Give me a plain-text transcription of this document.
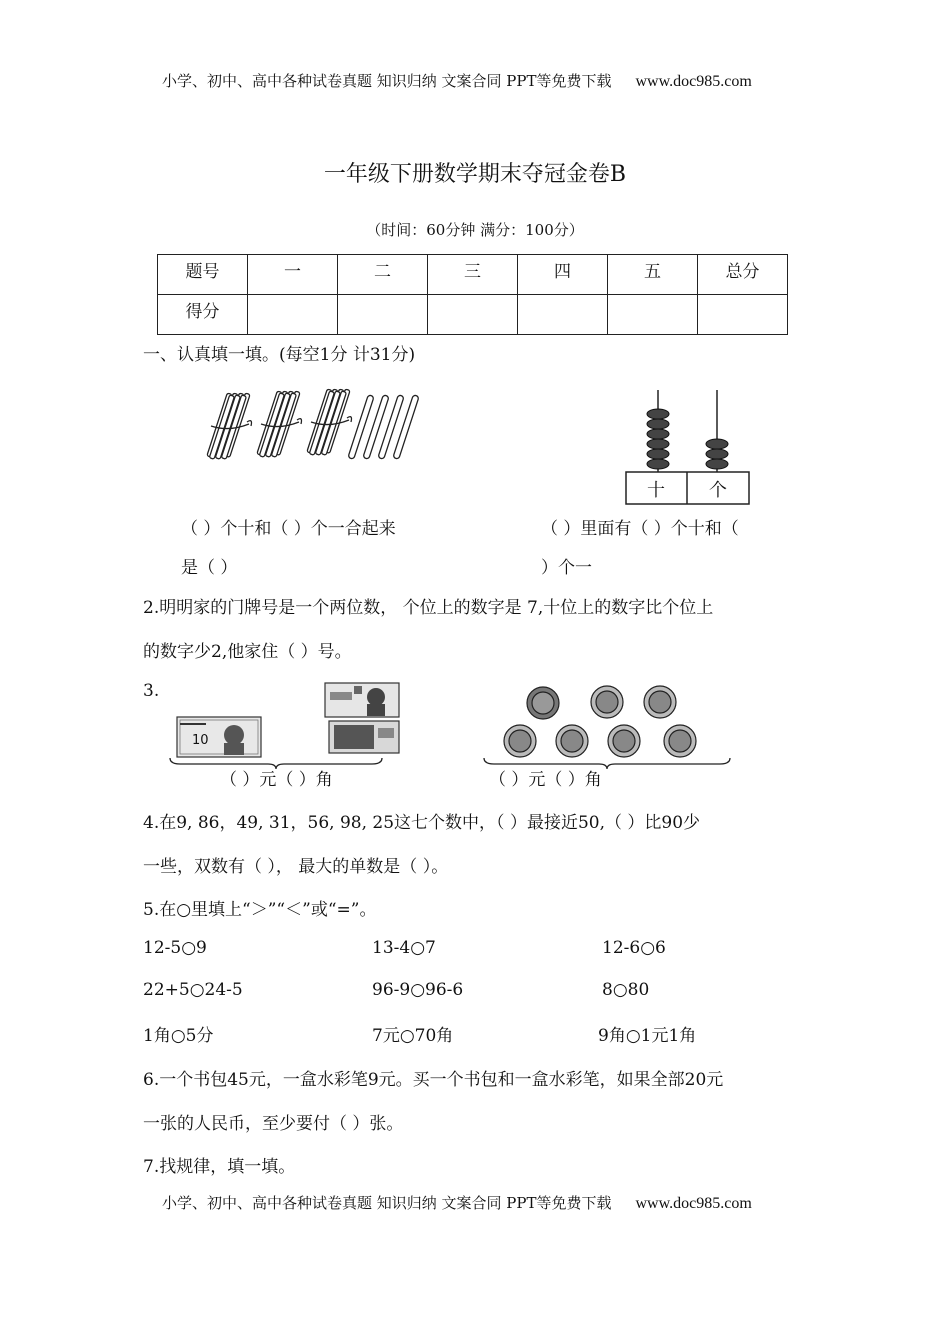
小学、初中、高中各种试卷真题 知识归纳 文案合同 PPT等免费下载 www.doc985.com
一年级下册数学期末夺冠金卷B
（时间：60分钟 满分：100分）
题号	一	二	三	四	五	总分
得分						
一、认真填一填。(每空1分 计31分)
十 个
（ ）个十和（ ）个一合起来
是（ ）
（ ）里面有（ ）个十和（
）个一
2.明明家的门牌号是一个两位数， 个位上的数字是 7,十位上的数字比个位上
的数字少2,他家住（ ）号。
3.
10
（ ）元（ ）角	（ ）元（ ）角
4.在9, 86，49, 31，56, 98, 25这七个数中，（ ）最接近50,（ ）比90少
一些，双数有（ ）， 最大的单数是（ ）。
5.在○里填上“＞”“＜”或“=”。
12-5○9	13-4○7	12-6○6
22+5○24-5	96-9○96-6	8○80
1角○5分	7元○70角	9角○1元1角
6.一个书包45元，一盒水彩笔9元。买一个书包和一盒水彩笔，如果全部20元
一张的人民币，至少要付（ ）张。
7.找规律，填一填。
小学、初中、高中各种试卷真题 知识归纳 文案合同 PPT等免费下载 www.doc985.com
